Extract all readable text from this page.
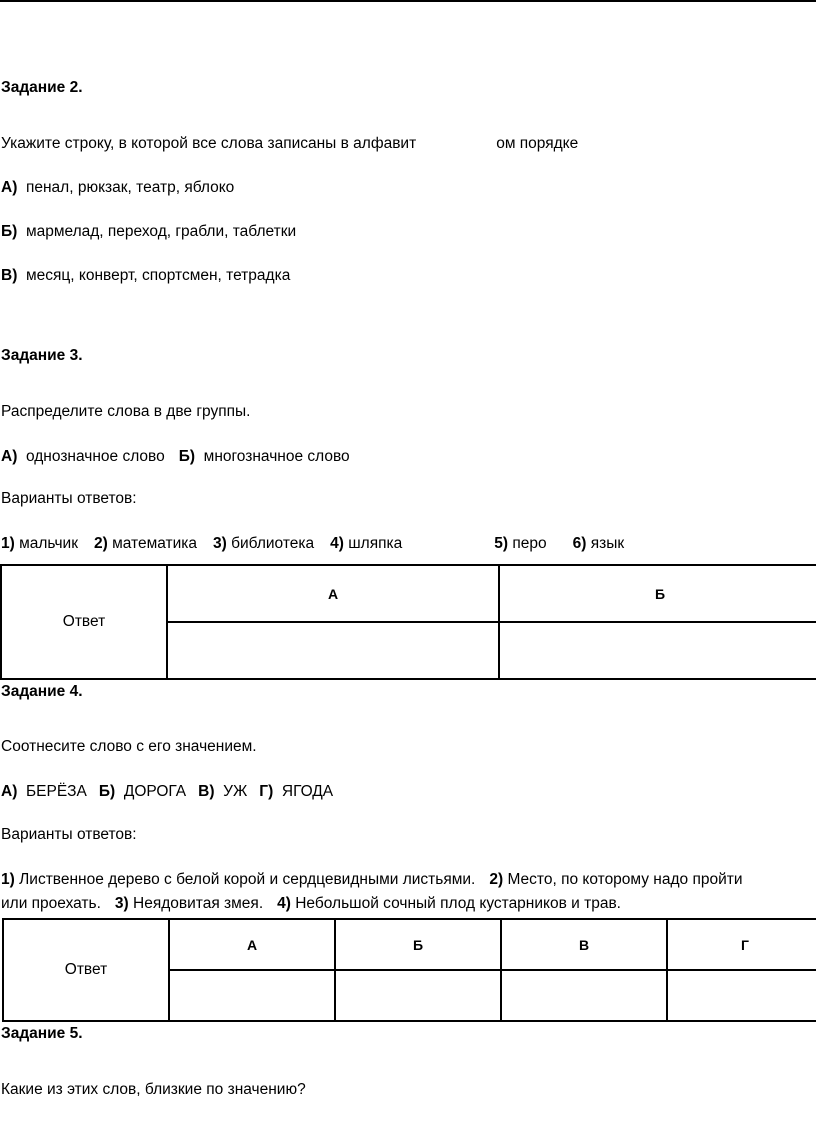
Задание 2.
Укажите строку, в которой все слова записаны в алфавит	ом порядке
А) пенал, рюкзак, театр, яблоко
Б) мармелад, переход, грабли, таблетки
В) месяц, конверт, спортсмен, тетрадка
Задание 3.
Распределите слова в две группы.
А) однозначное слово Б) многозначное слово
Варианты ответов:
1) мальчик 2) математика 3) библиотека 4) шляпка	5) перо 6) язык
Ответ	А	Б

Задание 4.
Соотнесите слово с его значением.
А) БЕРЁЗА Б) ДОРОГА В) УЖ Г) ЯГОДА
Варианты ответов:
1) Лиственное дерево с белой корой и сердцевидными листьями. 2) Место, по которому надо пройти
или проехать. 3) Неядовитая змея. 4) Небольшой сочный плод кустарников и трав.
Ответ	А	Б	В	Г

Задание 5.
Какие из этих слов, близкие по значению?
